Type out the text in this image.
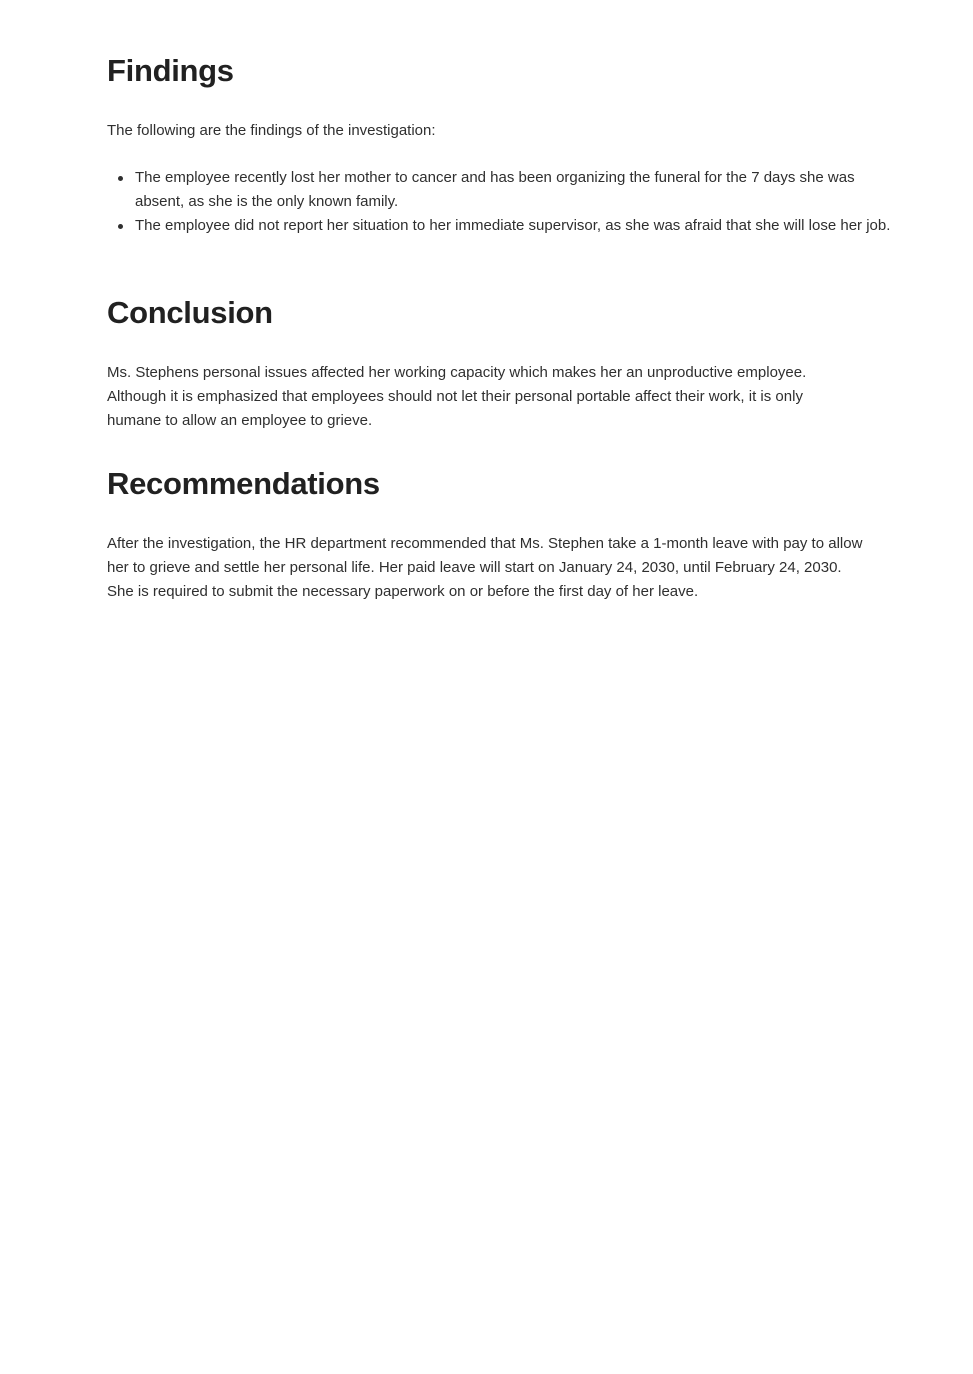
Findings

The following are the findings of the investigation:

The employee recently lost her mother to cancer and has been organizing the funeral for the 7 days she was absent, as she is the only known family.
The employee did not report her situation to her immediate supervisor, as she was afraid that she will lose her job.
Conclusion

Ms. Stephens personal issues affected her working capacity which makes her an unproductive employee. Although it is emphasized that employees should not let their personal portable affect their work, it is only humane to allow an employee to grieve.

Recommendations

After the investigation, the HR department recommended that Ms. Stephen take a 1-month leave with pay to allow her to grieve and settle her personal life. Her paid leave will start on January 24, 2030, until February 24, 2030. She is required to submit the necessary paperwork on or before the first day of her leave.
